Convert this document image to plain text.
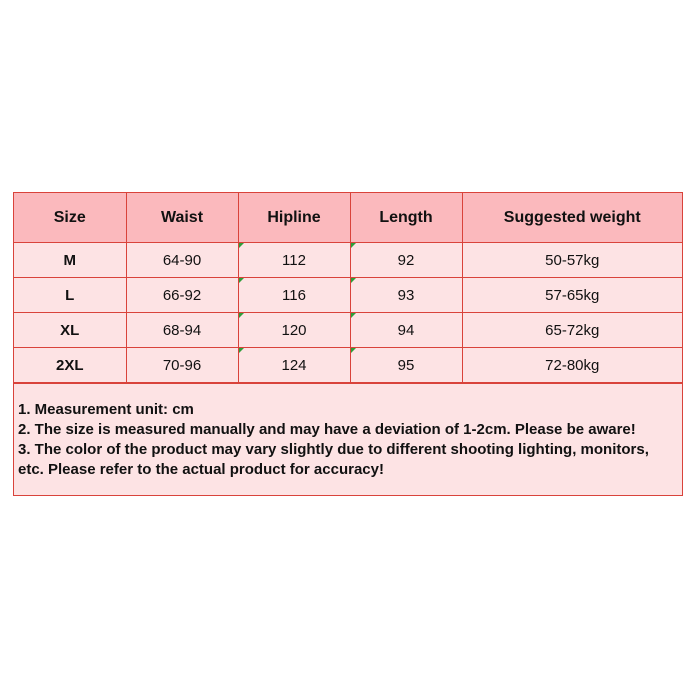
Size	Waist	Hipline	Length	Suggested weight
M	64-90	112	92	50-57kg
L	66-92	116	93	57-65kg
XL	68-94	120	94	65-72kg
2XL	70-96	124	95	72-80kg
1. Measurement unit: cm
2. The size is measured manually and may have a deviation of 1-2cm. Please be aware!
3. The color of the product may vary slightly due to different shooting lighting, monitors, etc. Please refer to the actual product for accuracy!
